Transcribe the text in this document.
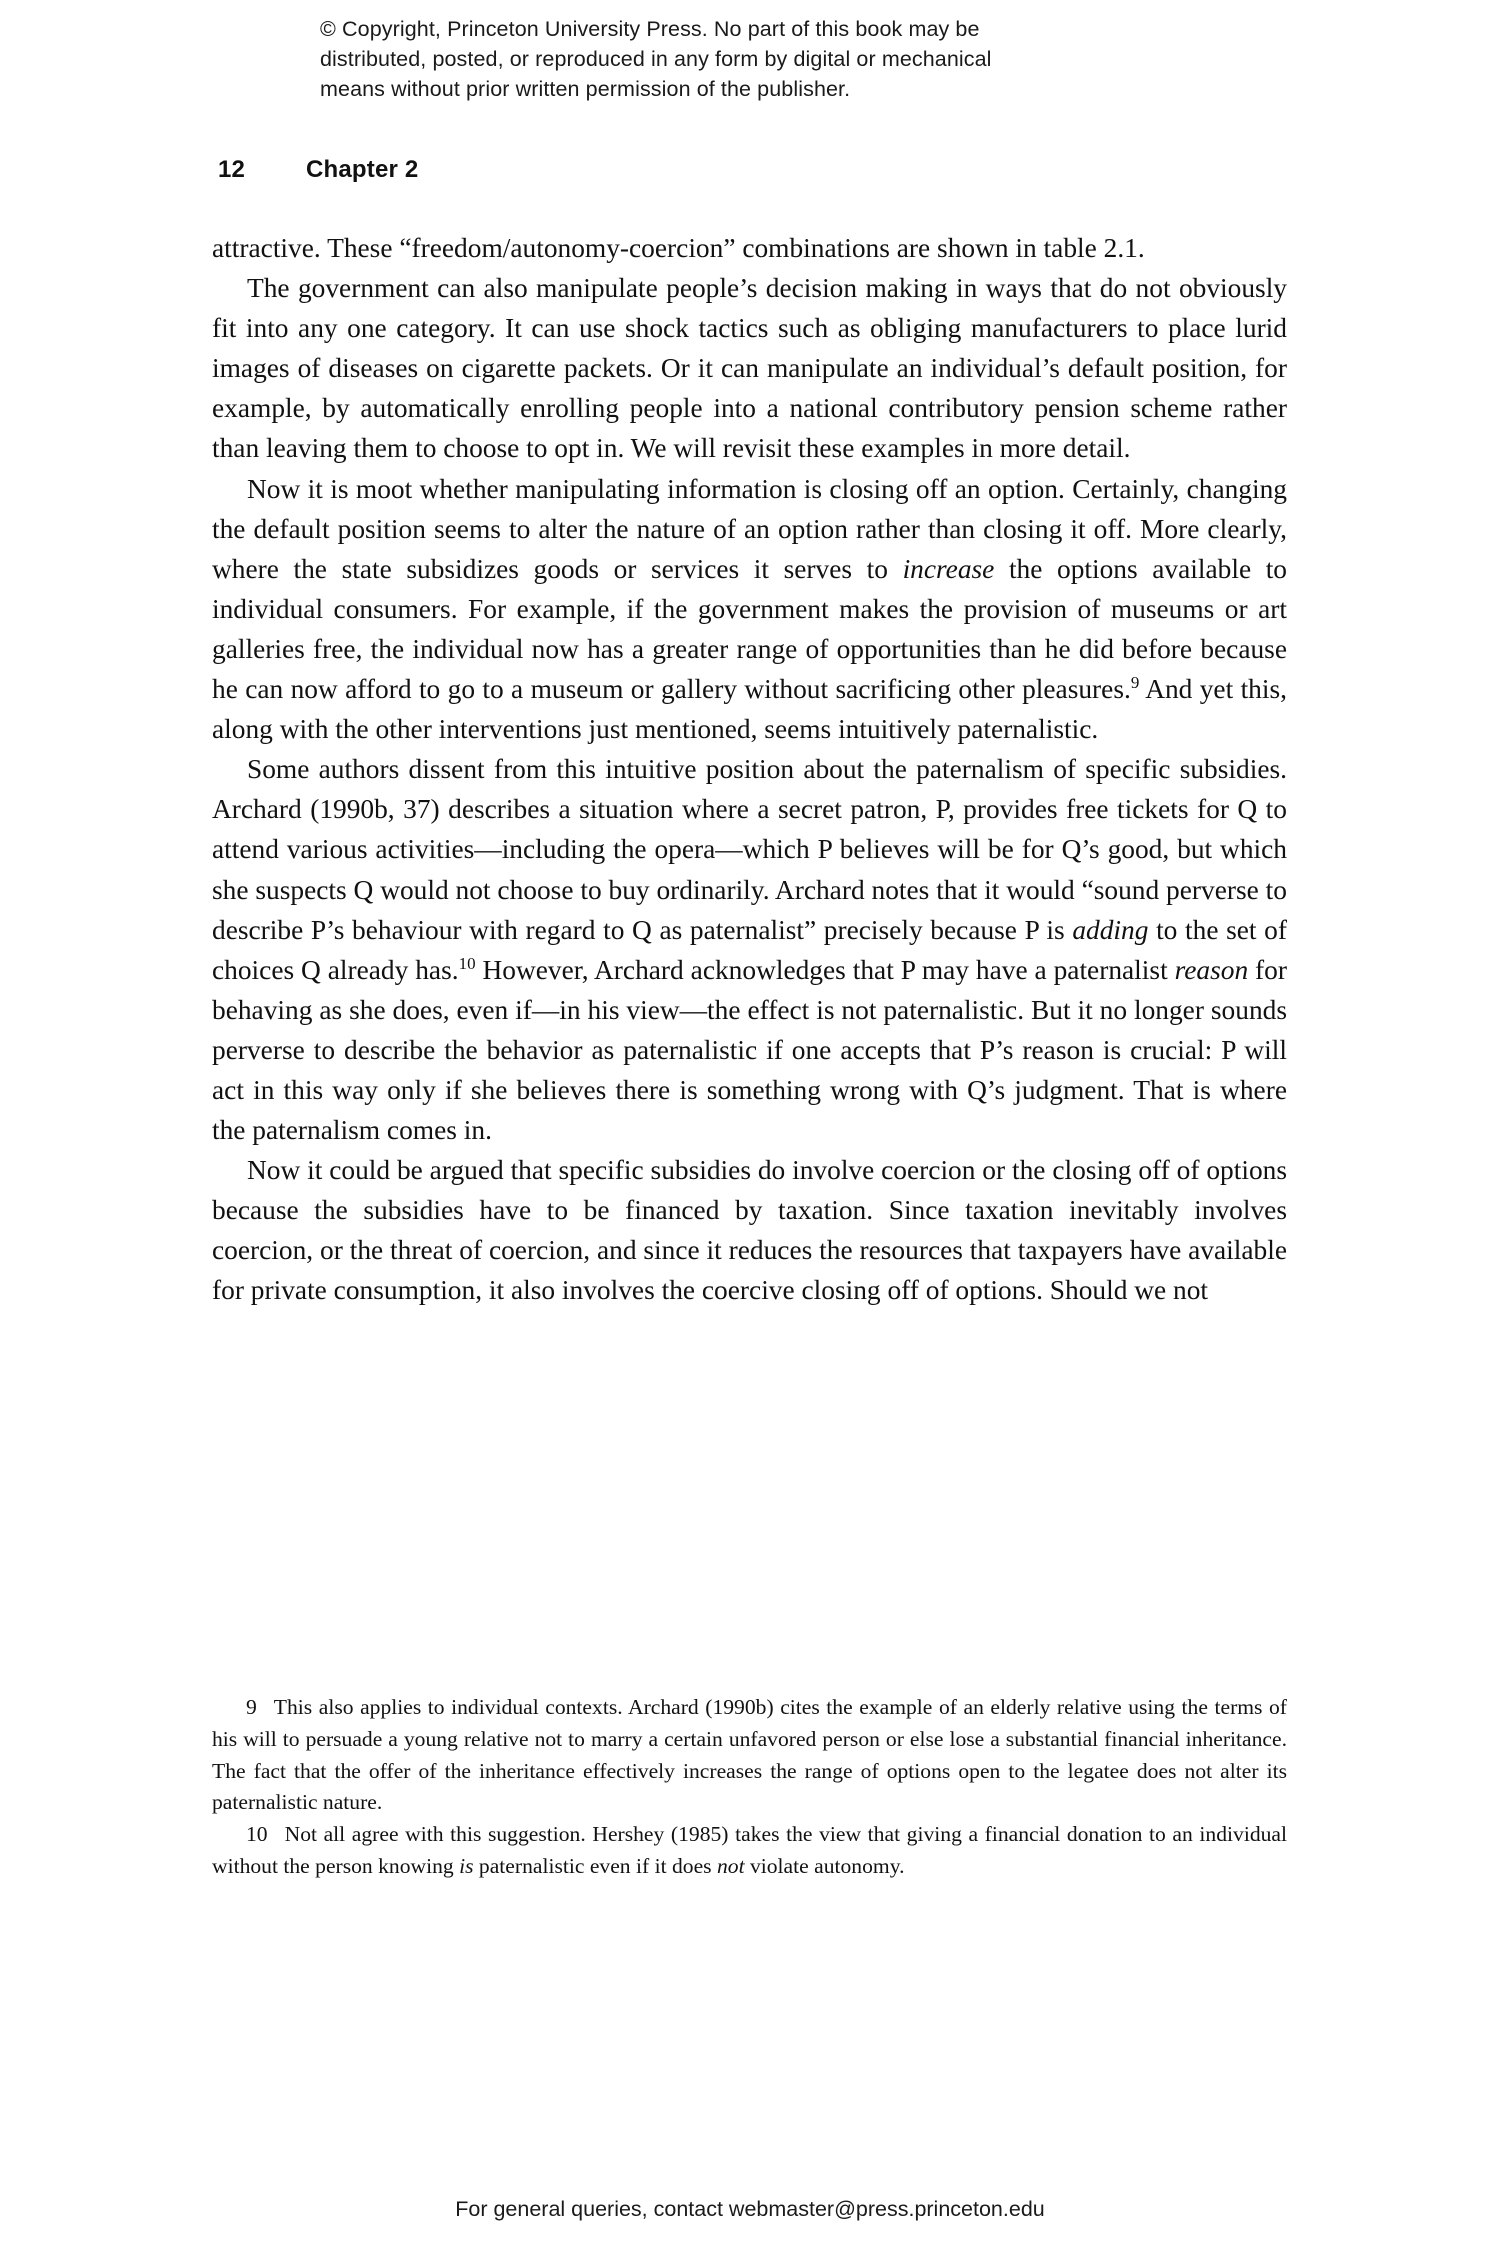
© Copyright, Princeton University Press. No part of this book may be
distributed, posted, or reproduced in any form by digital or mechanical
means without prior written permission of the publisher.
12	Chapter 2

attractive. These “freedom/autonomy-coercion” combinations are shown in table 2.1.

The government can also manipulate people’s decision making in ways that do not obviously fit into any one category. It can use shock tactics such as obliging manufacturers to place lurid images of diseases on cigarette packets. Or it can manipulate an individual’s default position, for example, by automatically enrolling people into a national contributory pension scheme rather than leaving them to choose to opt in. We will revisit these examples in more detail.

Now it is moot whether manipulating information is closing off an option. Certainly, changing the default position seems to alter the nature of an option rather than closing it off. More clearly, where the state subsidizes goods or services it serves to increase the options available to individual consumers. For example, if the government makes the provision of museums or art galleries free, the individual now has a greater range of opportunities than he did before because he can now afford to go to a museum or gallery without sacrificing other pleasures.$^9$ And yet this, along with the other interventions just mentioned, seems intuitively paternalistic.

Some authors dissent from this intuitive position about the paternalism of specific subsidies. Archard (1990b, 37) describes a situation where a secret patron, P, provides free tickets for Q to attend various activities—including the opera—which P believes will be for Q’s good, but which she suspects Q would not choose to buy ordinarily. Archard notes that it would “sound perverse to describe P’s behaviour with regard to Q as paternalist” precisely because P is adding to the set of choices Q already has.$^{10}$ However, Archard acknowledges that P may have a paternalist reason for behaving as she does, even if—in his view—the effect is not paternalistic. But it no longer sounds perverse to describe the behavior as paternalistic if one accepts that P’s reason is crucial: P will act in this way only if she believes there is something wrong with Q’s judgment. That is where the paternalism comes in.

Now it could be argued that specific subsidies do involve coercion or the closing off of options because the subsidies have to be financed by taxation. Since taxation inevitably involves coercion, or the threat of coercion, and since it reduces the resources that taxpayers have available for private consumption, it also involves the coercive closing off of options. Should we not

9 This also applies to individual contexts. Archard (1990b) cites the example of an elderly relative using the terms of his will to persuade a young relative not to marry a certain unfavored person or else lose a substantial financial inheritance. The fact that the offer of the inheritance effectively increases the range of options open to the legatee does not alter its paternalistic nature.

10 Not all agree with this suggestion. Hershey (1985) takes the view that giving a financial donation to an individual without the person knowing is paternalistic even if it does not violate autonomy.

For general queries, contact webmaster@press.princeton.edu
